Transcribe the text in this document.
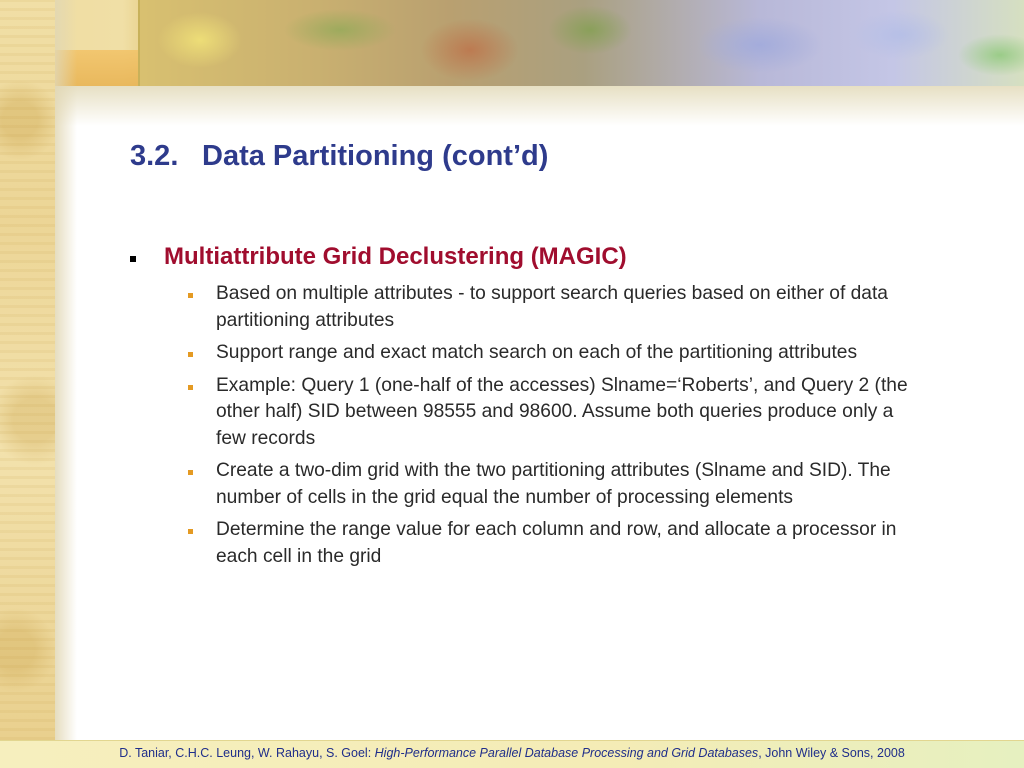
3.2. Data Partitioning (cont’d)
Multiattribute Grid Declustering (MAGIC)
Based on multiple attributes - to support search queries based on either of data partitioning attributes
Support range and exact match search on each of the partitioning attributes
Example: Query 1 (one-half of the accesses) Slname=‘Roberts’, and Query 2 (the other half) SID between 98555 and 98600. Assume both queries produce only a few records
Create a two-dim grid with the two partitioning attributes (Slname and SID). The number of cells in the grid equal the number of processing elements
Determine the range value for each column and row, and allocate a processor in each cell in the grid
D. Taniar, C.H.C. Leung, W. Rahayu, S. Goel: High-Performance Parallel Database Processing and Grid Databases, John Wiley & Sons, 2008
